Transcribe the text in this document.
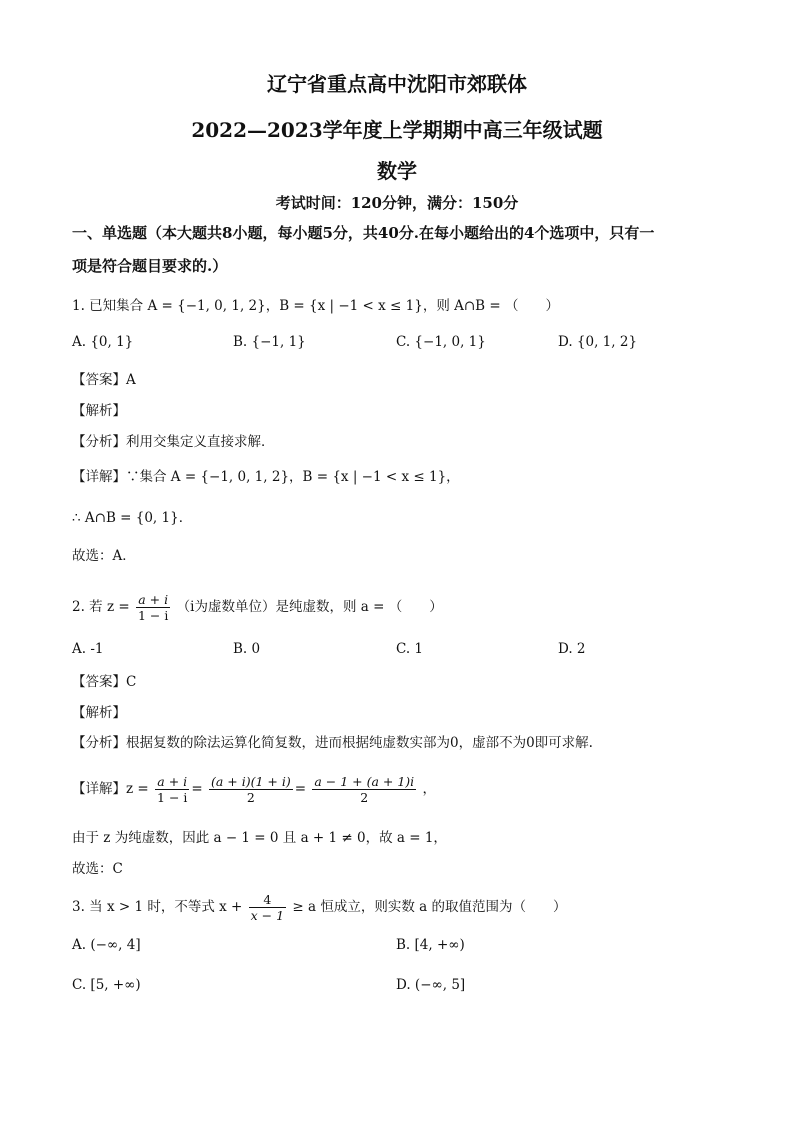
辽宁省重点高中沈阳市郊联体
2022—2023学年度上学期期中高三年级试题
数学
考试时间：120分钟，满分：150分
一、单选题（本大题共8小题，每小题5分，共40分.在每小题给出的4个选项中，只有一
项是符合题目要求的.）
1. 已知集合 A = {−1, 0, 1, 2}，B = {x | −1 < x ≤ 1}，则 A∩B = （　　）
A. {0, 1}	B. {−1, 1}	C. {−1, 0, 1}	D. {0, 1, 2}
【答案】A
【解析】
【分析】利用交集定义直接求解．
【详解】∵集合 A = {−1, 0, 1, 2}，B = {x | −1 < x ≤ 1}，
∴ A∩B = {0, 1}．
故选：A．
2. 若 $z = \frac{a + i}{1 - i} (i$为虚数单位）是纯虚数，则 a = （　　）
A. -1	B. 0	C. 1	D. 2
【答案】C
【解析】
【分析】根据复数的除法运算化简复数，进而根据纯虚数实部为0，虚部不为0即可求解.
【详解】$z = \frac{a + i}{1 - i} = \frac{(a + i)(1 + i)}{2} = \frac{a - 1 + (a + 1)i}{2}$ ，
由于 z 为纯虚数，因此 a − 1 = 0 且 a + 1 ≠ 0，故 a = 1，
故选：C
3. 当 x > 1 时，不等式 $x + \frac{4}{x - 1} \ge a$ 恒成立，则实数 a 的取值范围为（　　）
A. (−∞, 4]	B. [4, +∞)
C. [5, +∞)	D. (−∞, 5]
